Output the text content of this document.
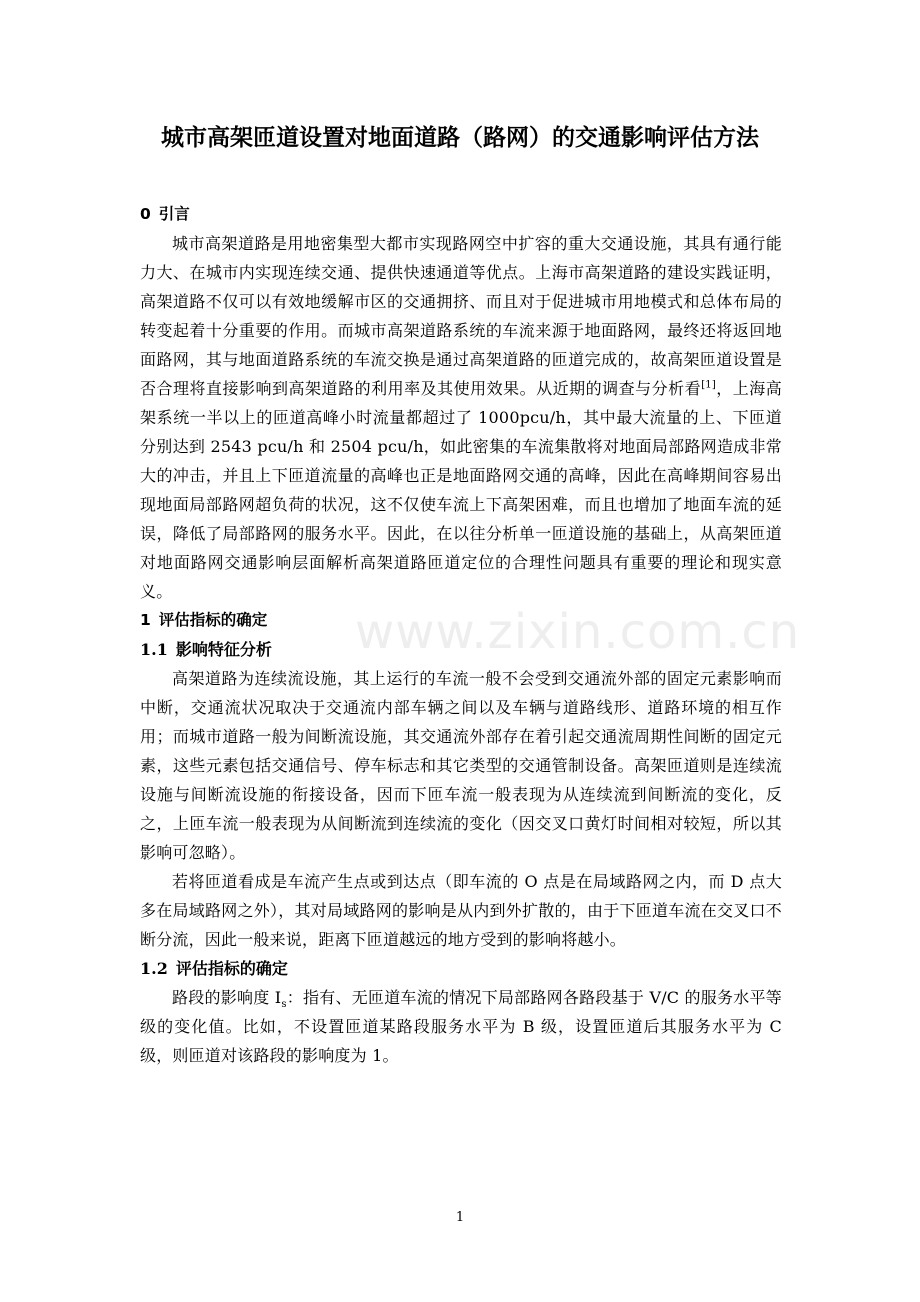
www.zixin.com.cn
城市高架匝道设置对地面道路（路网）的交通影响评估方法
0 引言

城市高架道路是用地密集型大都市实现路网空中扩容的重大交通设施，其具有通行能力大、在城市内实现连续交通、提供快速通道等优点。上海市高架道路的建设实践证明，高架道路不仅可以有效地缓解市区的交通拥挤、而且对于促进城市用地模式和总体布局的转变起着十分重要的作用。而城市高架道路系统的车流来源于地面路网，最终还将返回地面路网，其与地面道路系统的车流交换是通过高架道路的匝道完成的，故高架匝道设置是否合理将直接影响到高架道路的利用率及其使用效果。从近期的调查与分析看[1]，上海高架系统一半以上的匝道高峰小时流量都超过了 1000pcu/h，其中最大流量的上、下匝道分别达到 2543 pcu/h 和 2504 pcu/h，如此密集的车流集散将对地面局部路网造成非常大的冲击，并且上下匝道流量的高峰也正是地面路网交通的高峰，因此在高峰期间容易出现地面局部路网超负荷的状况，这不仅使车流上下高架困难，而且也增加了地面车流的延误，降低了局部路网的服务水平。因此，在以往分析单一匝道设施的基础上，从高架匝道对地面路网交通影响层面解析高架道路匝道定位的合理性问题具有重要的理论和现实意义。

1 评估指标的确定
1.1 影响特征分析

高架道路为连续流设施，其上运行的车流一般不会受到交通流外部的固定元素影响而中断，交通流状况取决于交通流内部车辆之间以及车辆与道路线形、道路环境的相互作用；而城市道路一般为间断流设施，其交通流外部存在着引起交通流周期性间断的固定元素，这些元素包括交通信号、停车标志和其它类型的交通管制设备。高架匝道则是连续流设施与间断流设施的衔接设备，因而下匝车流一般表现为从连续流到间断流的变化，反之，上匝车流一般表现为从间断流到连续流的变化（因交叉口黄灯时间相对较短，所以其影响可忽略）。

若将匝道看成是车流产生点或到达点（即车流的 O 点是在局域路网之内，而 D 点大多在局域路网之外），其对局域路网的影响是从内到外扩散的，由于下匝道车流在交叉口不断分流，因此一般来说，距离下匝道越远的地方受到的影响将越小。

1.2 评估指标的确定

路段的影响度 $I_s$：指有、无匝道车流的情况下局部路网各路段基于 V/C 的服务水平等级的变化值。比如，不设置匝道某路段服务水平为 B 级，设置匝道后其服务水平为 C 级，则匝道对该路段的影响度为 1。

1
